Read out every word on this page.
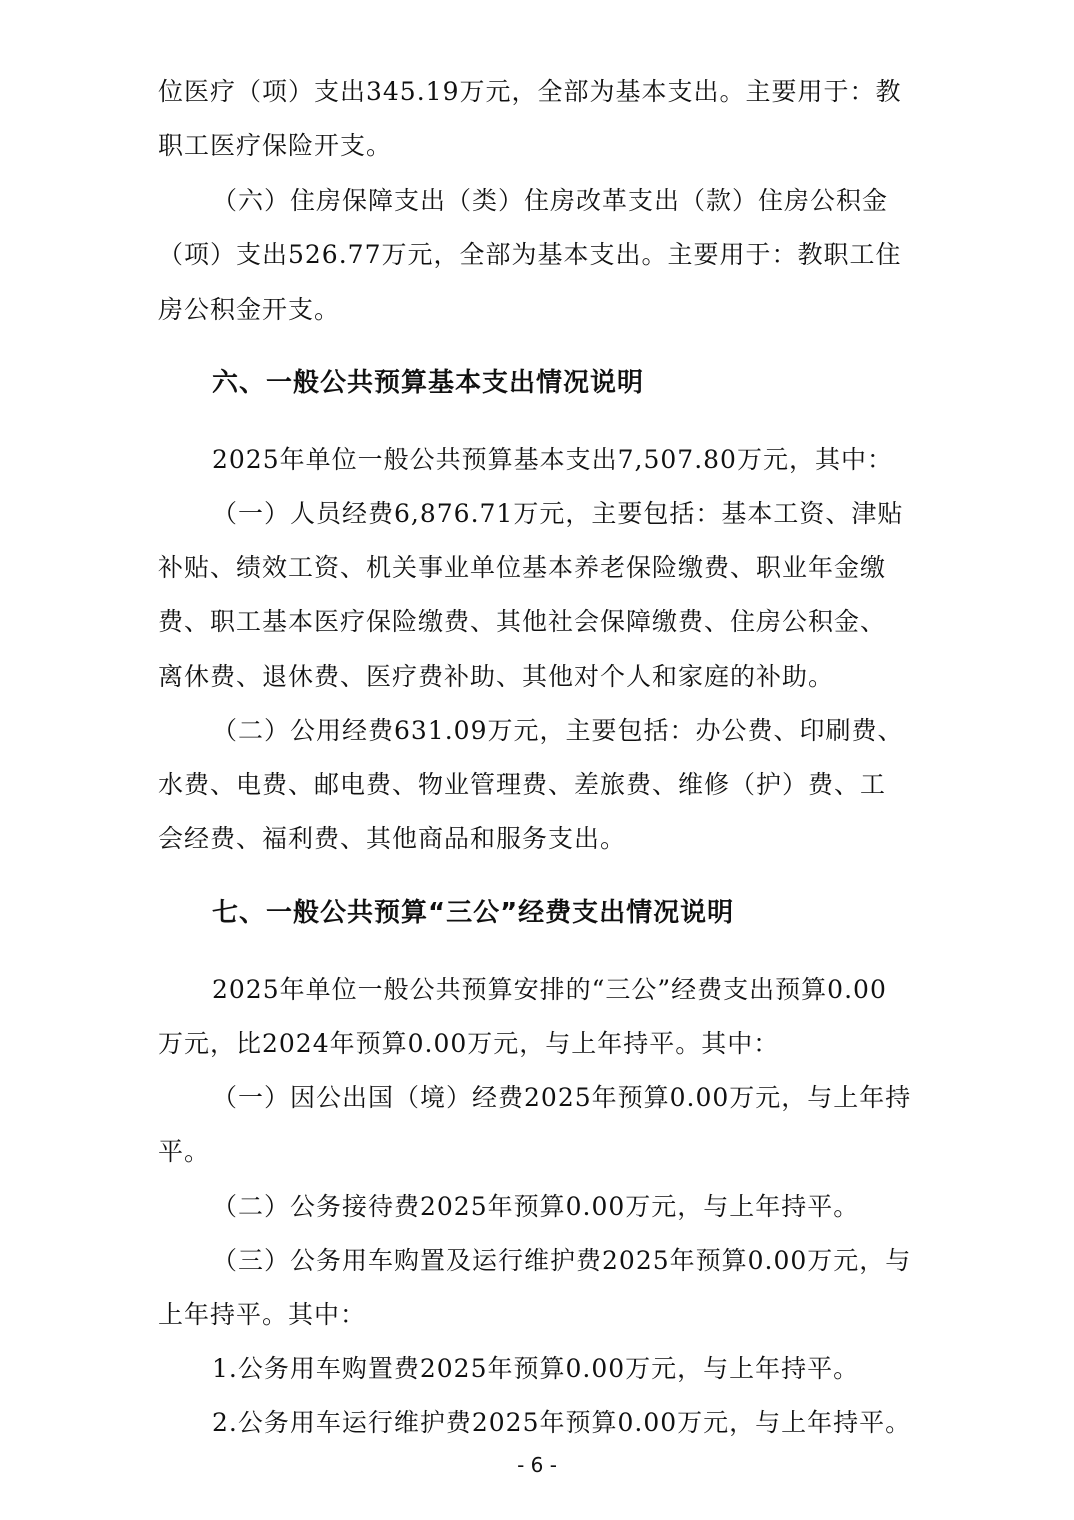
位医疗（项）支出345.19万元，全部为基本支出。主要用于：教
职工医疗保险开支。
（六）住房保障支出（类）住房改革支出（款）住房公积金
（项）支出526.77万元，全部为基本支出。主要用于：教职工住
房公积金开支。
六、一般公共预算基本支出情况说明
2025年单位一般公共预算基本支出7,507.80万元，其中：
（一）人员经费6,876.71万元，主要包括：基本工资、津贴
补贴、绩效工资、机关事业单位基本养老保险缴费、职业年金缴
费、职工基本医疗保险缴费、其他社会保障缴费、住房公积金、
离休费、退休费、医疗费补助、其他对个人和家庭的补助。
（二）公用经费631.09万元，主要包括：办公费、印刷费、
水费、电费、邮电费、物业管理费、差旅费、维修（护）费、工
会经费、福利费、其他商品和服务支出。
七、一般公共预算“三公”经费支出情况说明
2025年单位一般公共预算安排的“三公”经费支出预算0.00
万元，比2024年预算0.00万元，与上年持平。其中：
（一）因公出国（境）经费2025年预算0.00万元，与上年持
平。
（二）公务接待费2025年预算0.00万元，与上年持平。
（三）公务用车购置及运行维护费2025年预算0.00万元，与
上年持平。其中：
1.公务用车购置费2025年预算0.00万元，与上年持平。
2.公务用车运行维护费2025年预算0.00万元，与上年持平。
- 6 -
